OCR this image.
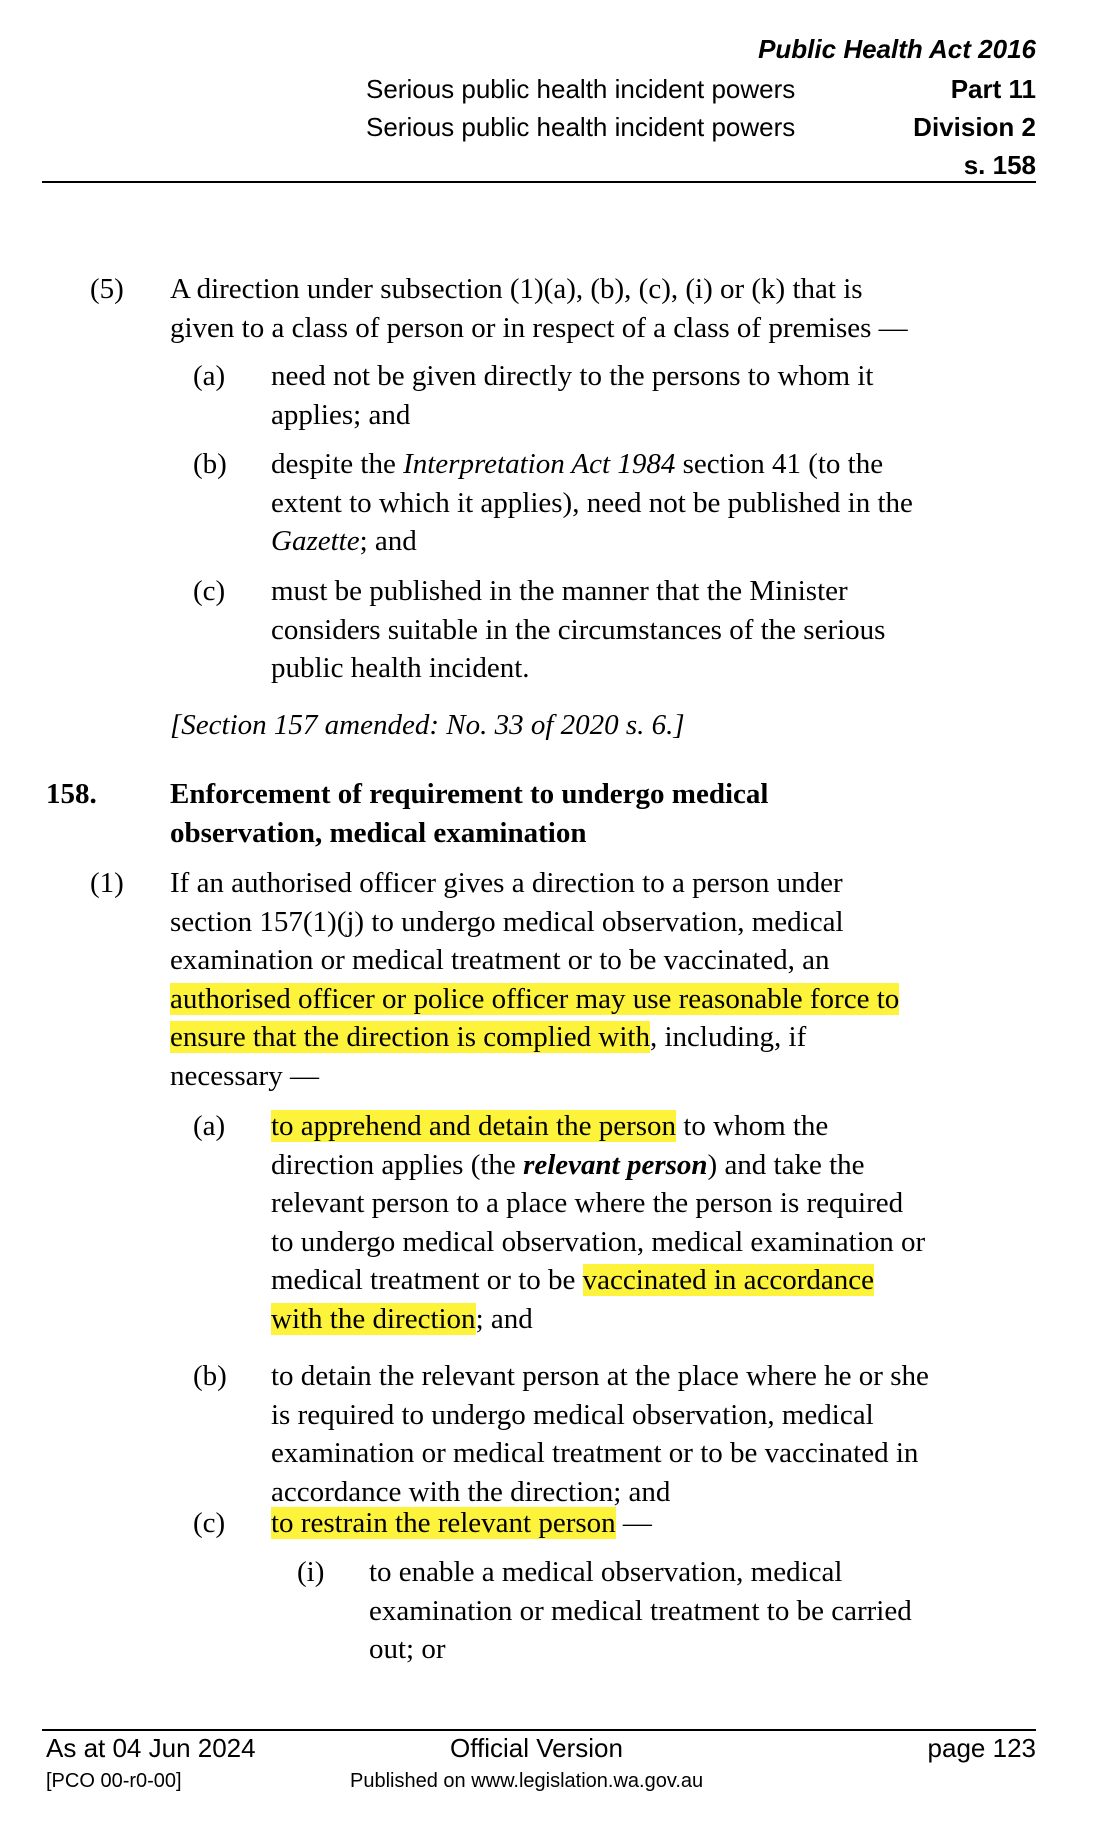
Public Health Act 2016
Serious public health incident powers	Part 11
Serious public health incident powers	Division 2
s. 158
(5) A direction under subsection (1)(a), (b), (c), (i) or (k) that is
given to a class of person or in respect of a class of premises —
(a) need not be given directly to the persons to whom it
applies; and
(b) despite the Interpretation Act 1984 section 41 (to the
extent to which it applies), need not be published in the
Gazette; and
(c) must be published in the manner that the Minister
considers suitable in the circumstances of the serious
public health incident.
[Section 157 amended: No. 33 of 2020 s. 6.]
158.	Enforcement of requirement to undergo medical
observation, medical examination
(1) If an authorised officer gives a direction to a person under
section 157(1)(j) to undergo medical observation, medical
examination or medical treatment or to be vaccinated, an
authorised officer or police officer may use reasonable force to
ensure that the direction is complied with, including, if
necessary —
(a) to apprehend and detain the person to whom the
direction applies (the relevant person) and take the
relevant person to a place where the person is required
to undergo medical observation, medical examination or
medical treatment or to be vaccinated in accordance
with the direction; and
(b) to detain the relevant person at the place where he or she
is required to undergo medical observation, medical
examination or medical treatment or to be vaccinated in
accordance with the direction; and
(c) to restrain the relevant person —
(i) to enable a medical observation, medical
examination or medical treatment to be carried
out; or
As at 04 Jun 2024	Official Version	page 123
[PCO 00-r0-00]	Published on www.legislation.wa.gov.au
